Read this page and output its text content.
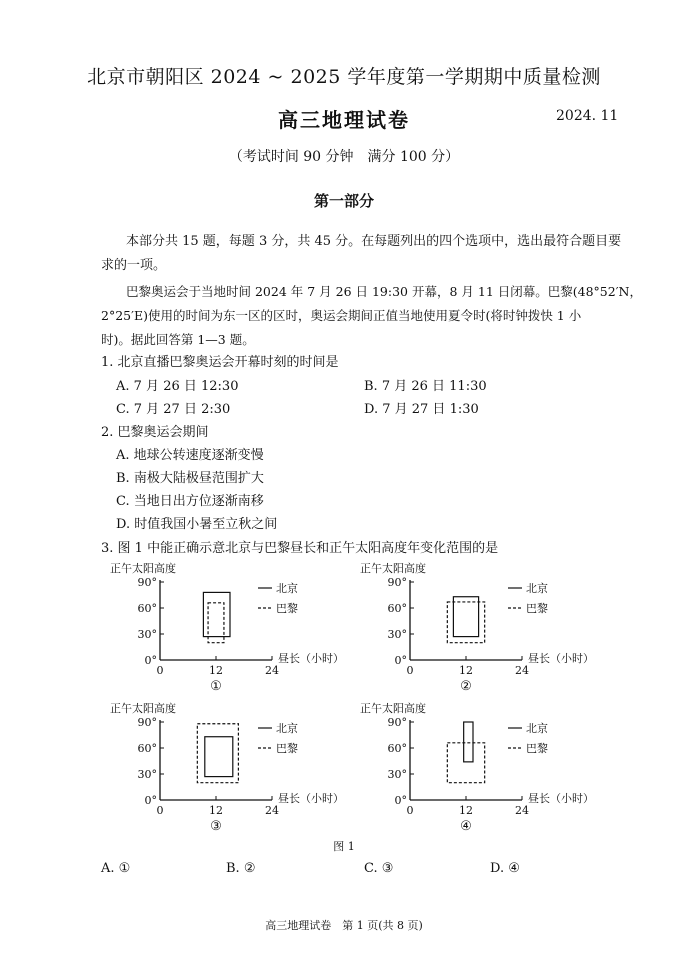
北京市朝阳区 2024 ~ 2025 学年度第一学期期中质量检测
高三地理试卷	2024. 11
（考试时间 90 分钟　满分 100 分）
第一部分
本部分共 15 题，每题 3 分，共 45 分。在每题列出的四个选项中，选出最符合题目要
求的一项。
巴黎奥运会于当地时间 2024 年 7 月 26 日 19:30 开幕，8 月 11 日闭幕。巴黎(48°52′N，
2°25′E)使用的时间为东一区的区时，奥运会期间正值当地使用夏令时(将时钟拨快 1 小
时)。据此回答第 1—3 题。
1. 北京直播巴黎奥运会开幕时刻的时间是
A. 7 月 26 日 12:30	B. 7 月 26 日 11:30
C. 7 月 27 日 2:30	D. 7 月 27 日 1:30
2. 巴黎奥运会期间
A. 地球公转速度逐渐变慢
B. 南极大陆极昼范围扩大
C. 当地日出方位逐渐南移
D. 时值我国小暑至立秋之间
3. 图 1 中能正确示意北京与巴黎昼长和正午太阳高度年变化范围的是
正午太阳高度
0°
30°
60°
90°
0	12	24
昼长（小时）
北京
巴黎
①
正午太阳高度
0°
30°
60°
90°
0	12	24
昼长（小时）
北京
巴黎
②
正午太阳高度
0°
30°
60°
90°
0	12	24
昼长（小时）
北京
巴黎
③
正午太阳高度
0°
30°
60°
90°
0	12	24
昼长（小时）
北京
巴黎
④
图 1
A. ①	B. ②	C. ③	D. ④
高三地理试卷　第 1 页(共 8 页)
